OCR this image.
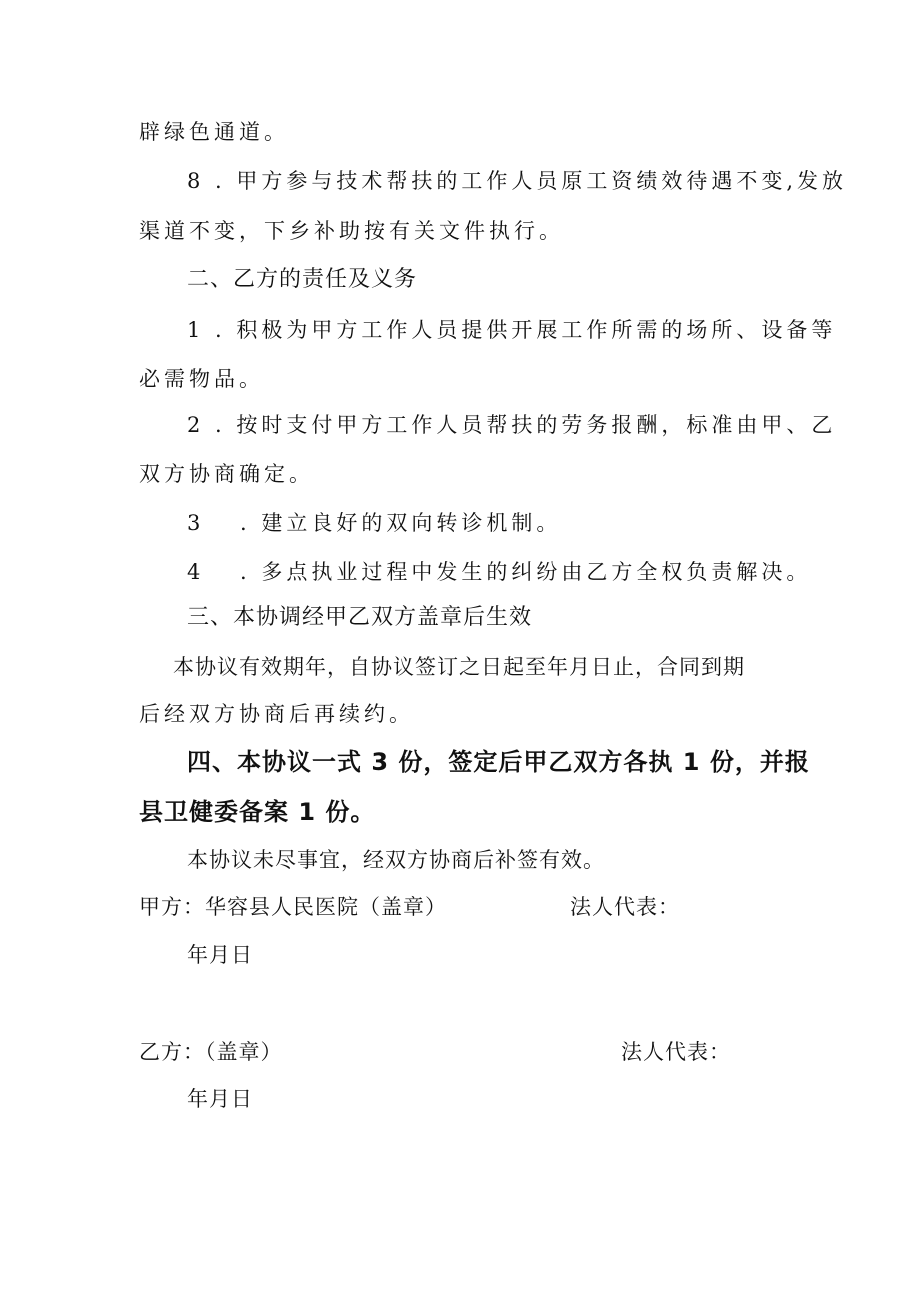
辟绿色通道。
8 . 甲方参与技术帮扶的工作人员原工资绩效待遇不变,发放
渠道不变，下乡补助按有关文件执行。
二、乙方的责任及义务
1 . 积极为甲方工作人员提供开展工作所需的场所、设备等
必需物品。
2 . 按时支付甲方工作人员帮扶的劳务报酬，标准由甲、乙
双方协商确定。
3 . 建立良好的双向转诊机制。
4 . 多点执业过程中发生的纠纷由乙方全权负责解决。
三、本协调经甲乙双方盖章后生效
本协议有效期年，自协议签订之日起至年月日止，合同到期
后经双方协商后再续约。
四、本协议一式 3 份，签定后甲乙双方各执 1 份，并报
县卫健委备案 1 份。
本协议未尽事宜，经双方协商后补签有效。
甲方：华容县人民医院（盖章）	法人代表：
年月日
乙方：（盖章）	法人代表：
年月日
